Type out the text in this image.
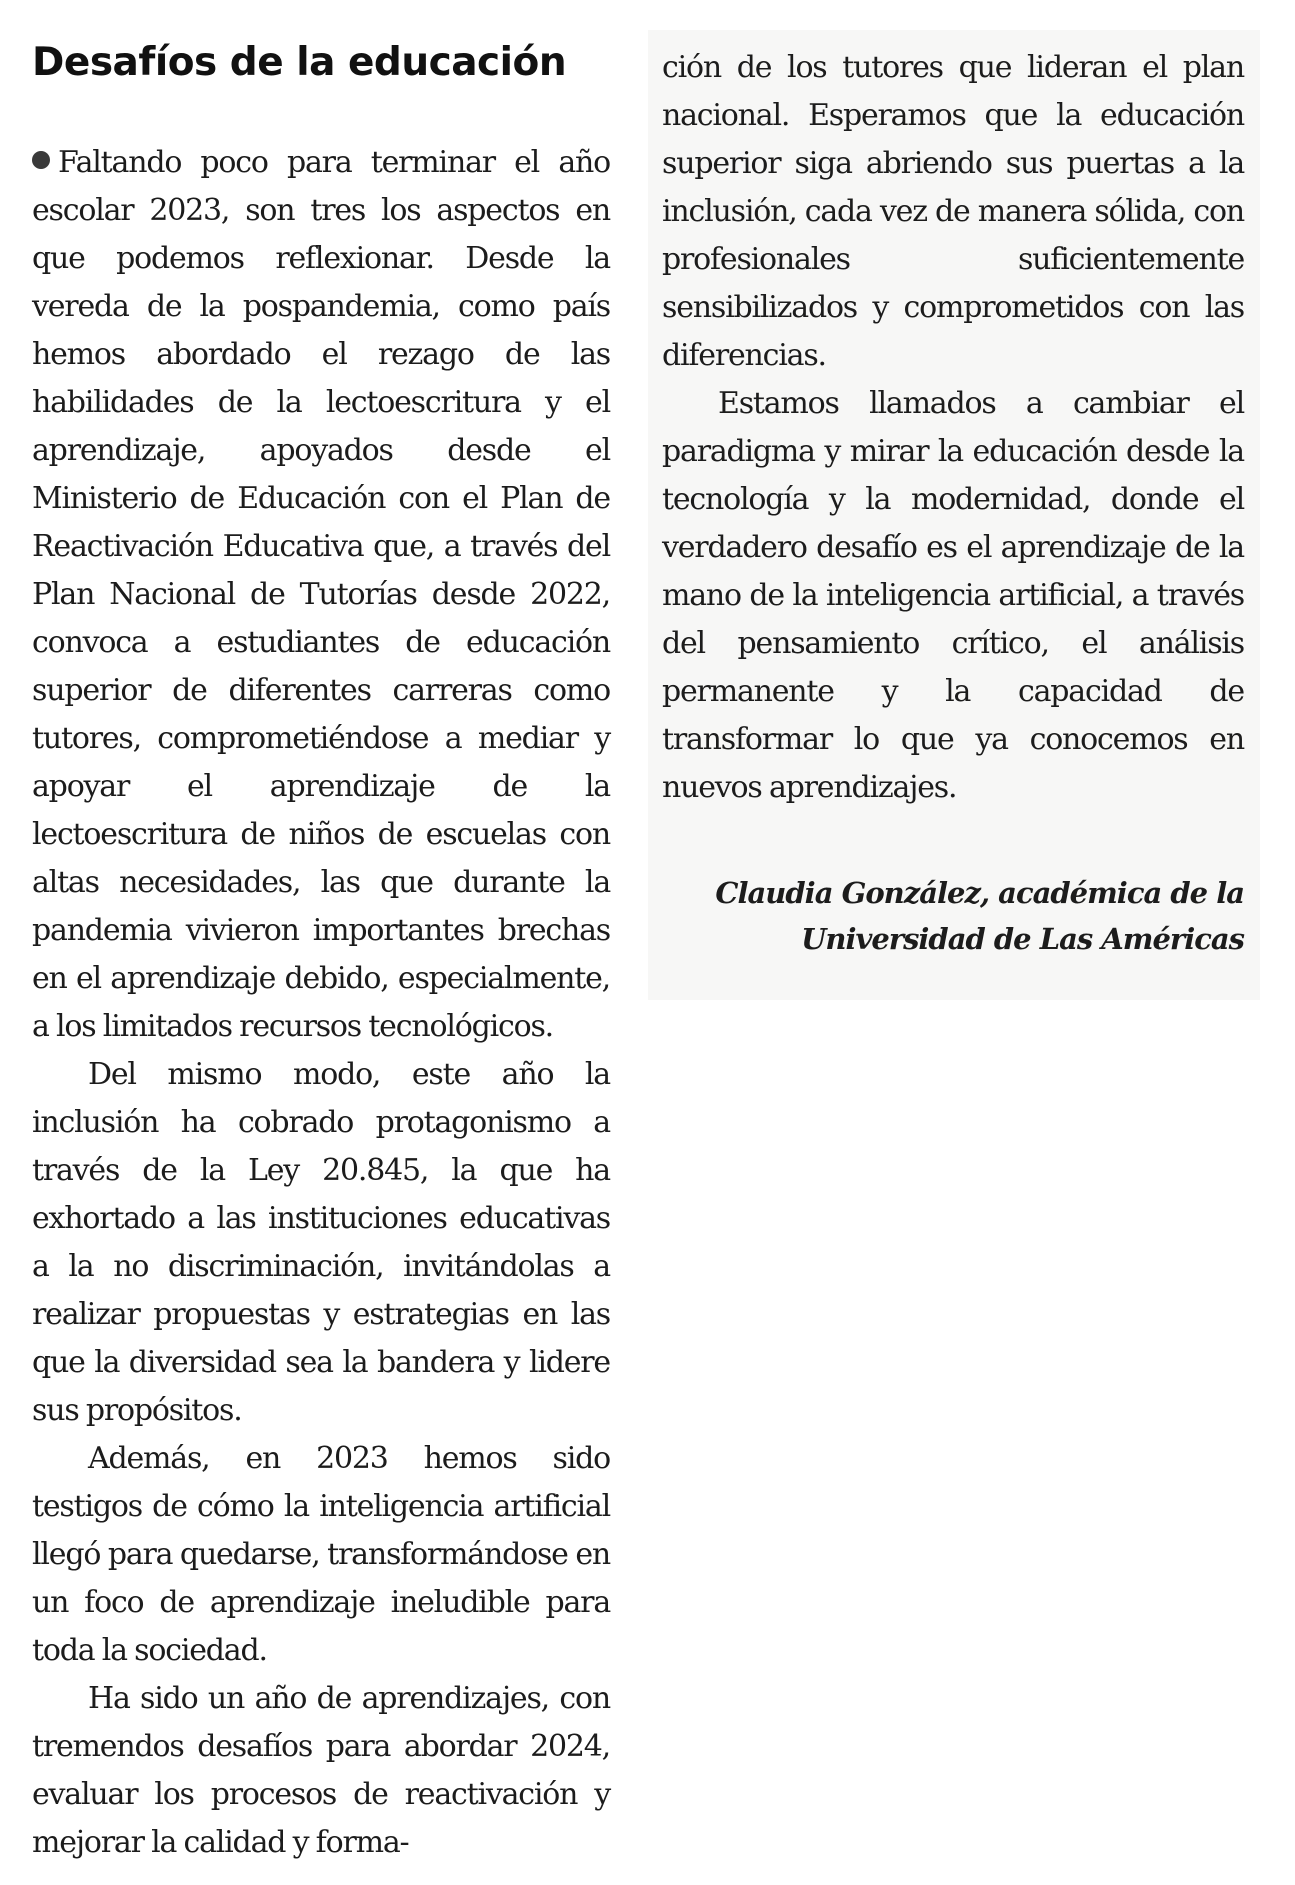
Desafíos de la educación

Faltando poco para terminar el año escolar 2023, son tres los aspectos en que podemos reflexionar. Desde la vereda de la pospandemia, como país hemos abordado el rezago de las habilidades de la lectoescritura y el aprendizaje, apoyados desde el Ministerio de Educación con el Plan de Reactivación Educativa que, a través del Plan Nacional de Tutorías desde 2022, convoca a estudiantes de educación superior de diferentes carreras como tutores, comprometiéndose a mediar y apoyar el aprendizaje de la lectoescritura de niños de escuelas con altas necesidades, las que durante la pandemia vivieron importantes brechas en el aprendizaje debido, especialmente, a los limitados recursos tecnológicos.

Del mismo modo, este año la inclusión ha cobrado protagonismo a través de la Ley 20.845, la que ha exhortado a las instituciones educativas a la no discriminación, invitándolas a realizar propuestas y estrategias en las que la diversidad sea la bandera y lidere sus propósitos.

Además, en 2023 hemos sido testigos de cómo la inteligencia artificial llegó para quedarse, transformándose en un foco de aprendizaje ineludible para toda la sociedad.

Ha sido un año de aprendizajes, con tremendos desafíos para abordar 2024, evaluar los procesos de reactivación y mejorar la calidad y forma-

ción de los tutores que lideran el plan nacional. Esperamos que la educación superior siga abriendo sus puertas a la inclusión, cada vez de manera sólida, con profesionales suficientemente sensibilizados y comprometidos con las diferencias.

Estamos llamados a cambiar el paradigma y mirar la educación desde la tecnología y la modernidad, donde el verdadero desafío es el aprendizaje de la mano de la inteligencia artificial, a través del pensamiento crítico, el análisis permanente y la capacidad de transformar lo que ya conocemos en nuevos aprendizajes.

Claudia González, académica de la
Universidad de Las Américas
